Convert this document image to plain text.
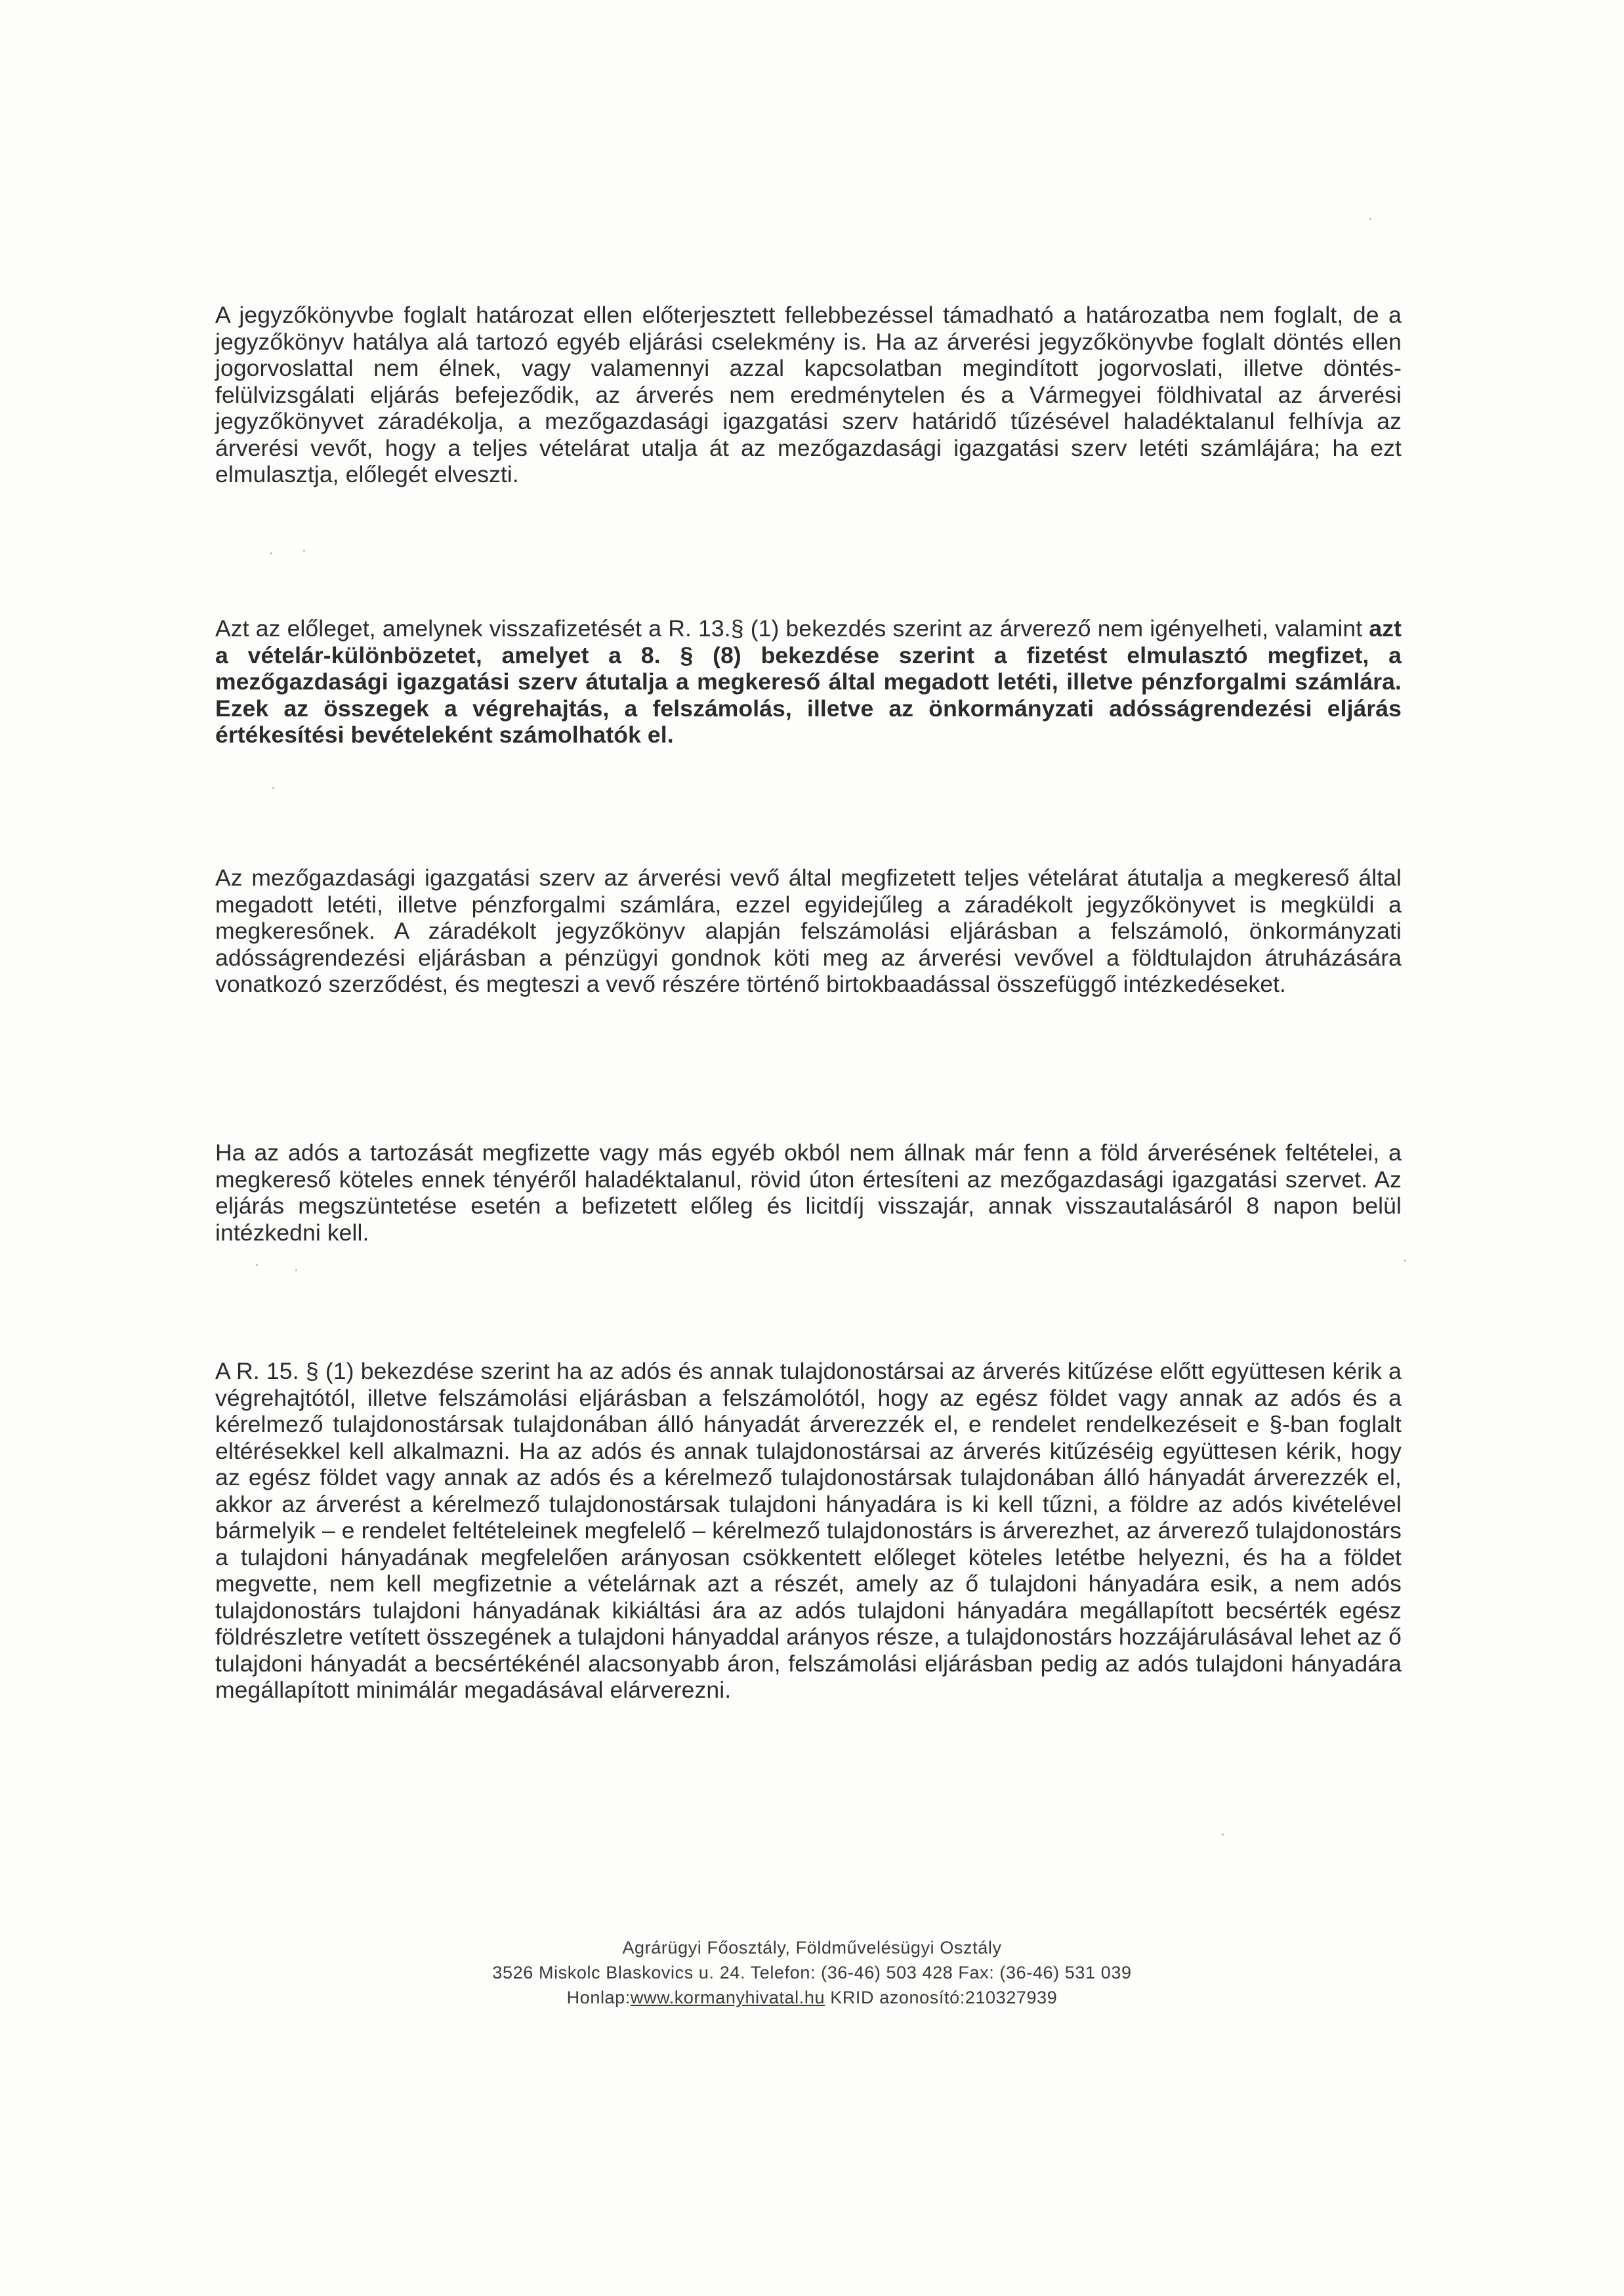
A jegyzőkönyvbe foglalt határozat ellen előterjesztett fellebbezéssel támadható a határozatba nem foglalt, de a jegyzőkönyv hatálya alá tartozó egyéb eljárási cselekmény is. Ha az árverési jegyzőkönyvbe foglalt döntés ellen jogorvoslattal nem élnek, vagy valamennyi azzal kapcsolatban megindított jogorvoslati, illetve döntés-felülvizsgálati eljárás befejeződik, az árverés nem eredménytelen és a Vármegyei földhivatal az árverési jegyzőkönyvet záradékolja, a mezőgazdasági igazgatási szerv határidő tűzésével haladéktalanul felhívja az árverési vevőt, hogy a teljes vételárat utalja át az mezőgazdasági igazgatási szerv letéti számlájára; ha ezt elmulasztja, előlegét elveszti.

Azt az előleget, amelynek visszafizetését a R. 13.§ (1) bekezdés szerint az árverező nem igényelheti, valamint azt a vételár-különbözetet, amelyet a 8. § (8) bekezdése szerint a fizetést elmulasztó megfizet, a mezőgazdasági igazgatási szerv átutalja a megkereső által megadott letéti, illetve pénzforgalmi számlára. Ezek az összegek a végrehajtás, a felszámolás, illetve az önkormányzati adósságrendezési eljárás értékesítési bevételeként számolhatók el.

Az mezőgazdasági igazgatási szerv az árverési vevő által megfizetett teljes vételárat átutalja a megkereső által megadott letéti, illetve pénzforgalmi számlára, ezzel egyidejűleg a záradékolt jegyzőkönyvet is megküldi a megkeresőnek. A záradékolt jegyzőkönyv alapján felszámolási eljárásban a felszámoló, önkormányzati adósságrendezési eljárásban a pénzügyi gondnok köti meg az árverési vevővel a földtulajdon átruházására vonatkozó szerződést, és megteszi a vevő részére történő birtokbaadással összefüggő intézkedéseket.

Ha az adós a tartozását megfizette vagy más egyéb okból nem állnak már fenn a föld árverésének feltételei, a megkereső köteles ennek tényéről haladéktalanul, rövid úton értesíteni az mezőgazdasági igazgatási szervet. Az eljárás megszüntetése esetén a befizetett előleg és licitdíj visszajár, annak visszautalásáról 8 napon belül intézkedni kell.

A R. 15. § (1) bekezdése szerint ha az adós és annak tulajdonostársai az árverés kitűzése előtt együttesen kérik a végrehajtótól, illetve felszámolási eljárásban a felszámolótól, hogy az egész földet vagy annak az adós és a kérelmező tulajdonostársak tulajdonában álló hányadát árverezzék el, e rendelet rendelkezéseit e §-ban foglalt eltérésekkel kell alkalmazni. Ha az adós és annak tulajdonostársai az árverés kitűzéséig együttesen kérik, hogy az egész földet vagy annak az adós és a kérelmező tulajdonostársak tulajdonában álló hányadát árverezzék el, akkor az árverést a kérelmező tulajdonostársak tulajdoni hányadára is ki kell tűzni, a földre az adós kivételével bármelyik – e rendelet feltételeinek megfelelő – kérelmező tulajdonostárs is árverezhet, az árverező tulajdonostárs a tulajdoni hányadának megfelelően arányosan csökkentett előleget köteles letétbe helyezni, és ha a földet megvette, nem kell megfizetnie a vételárnak azt a részét, amely az ő tulajdoni hányadára esik, a nem adós tulajdonostárs tulajdoni hányadának kikiáltási ára az adós tulajdoni hányadára megállapított becsérték egész földrészletre vetített összegének a tulajdoni hányaddal arányos része, a tulajdonostárs hozzájárulásával lehet az ő tulajdoni hányadát a becsértékénél alacsonyabb áron, felszámolási eljárásban pedig az adós tulajdoni hányadára megállapított minimálár megadásával elárverezni.

Agrárügyi Főosztály, Földművelésügyi Osztály
3526 Miskolc Blaskovics u. 24. Telefon: (36-46) 503 428 Fax: (36-46) 531 039
Honlap:www.kormanyhivatal.hu KRID azonosító:210327939
